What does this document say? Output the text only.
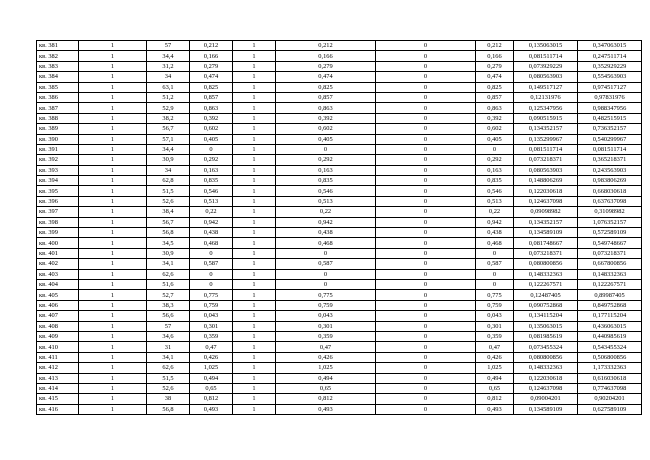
кв. 381	1	57	0,212	1	0,212	0	0,212	0,135063015	0,347063015
кв. 382	1	34,4	0,166	1	0,166	0	0,166	0,081511714	0,247511714
кв. 383	1	31,2	0,279	1	0,279	0	0,279	0,073929229	0,352929229
кв. 384	1	34	0,474	1	0,474	0	0,474	0,080563903	0,554563903
кв. 385	1	63,1	0,825	1	0,825	0	0,825	0,149517127	0,974517127
кв. 386	1	51,2	0,857	1	0,857	0	0,857	0,12131976	0,97831976
кв. 387	1	52,9	0,863	1	0,863	0	0,863	0,125347956	0,988347956
кв. 388	1	38,2	0,392	1	0,392	0	0,392	0,090515915	0,482515915
кв. 389	1	56,7	0,602	1	0,602	0	0,602	0,134352157	0,736352157
кв. 390	1	57,1	0,405	1	0,405	0	0,405	0,135299967	0,540299967
кв. 391	1	34,4	0	1	0	0	0	0,081511714	0,081511714
кв. 392	1	30,9	0,292	1	0,292	0	0,292	0,073218371	0,365218371
кв. 393	1	34	0,163	1	0,163	0	0,163	0,080563903	0,243563903
кв. 394	1	62,8	0,835	1	0,835	0	0,835	0,148806269	0,983806269
кв. 395	1	51,5	0,546	1	0,546	0	0,546	0,122030618	0,668030618
кв. 396	1	52,6	0,513	1	0,513	0	0,513	0,124637098	0,637637098
кв. 397	1	38,4	0,22	1	0,22	0	0,22	0,09098982	0,31098982
кв. 398	1	56,7	0,942	1	0,942	0	0,942	0,134352157	1,076352157
кв. 399	1	56,8	0,438	1	0,438	0	0,438	0,134589109	0,572589109
кв. 400	1	34,5	0,468	1	0,468	0	0,468	0,081748667	0,549748667
кв. 401	1	30,9	0	1	0	0	0	0,073218371	0,073218371
кв. 402	1	34,1	0,587	1	0,587	0	0,587	0,080800856	0,667800856
кв. 403	1	62,6	0	1	0	0	0	0,148332363	0,148332363
кв. 404	1	51,6	0	1	0	0	0	0,122267571	0,122267571
кв. 405	1	52,7	0,775	1	0,775	0	0,775	0,12487405	0,89987405
кв. 406	1	38,3	0,759	1	0,759	0	0,759	0,090752868	0,849752868
кв. 407	1	56,6	0,043	1	0,043	0	0,043	0,134115204	0,177115204
кв. 408	1	57	0,301	1	0,301	0	0,301	0,135063015	0,436063015
кв. 409	1	34,6	0,359	1	0,359	0	0,359	0,081985619	0,440985619
кв. 410	1	31	0,47	1	0,47	0	0,47	0,073455324	0,543455324
кв. 411	1	34,1	0,426	1	0,426	0	0,426	0,080800856	0,506800856
кв. 412	1	62,6	1,025	1	1,025	0	1,025	0,148332363	1,173332363
кв. 413	1	51,5	0,494	1	0,494	0	0,494	0,122030618	0,616030618
кв. 414	1	52,6	0,65	1	0,65	0	0,65	0,124637098	0,774637098
кв. 415	1	38	0,812	1	0,812	0	0,812	0,09004201	0,90204201
кв. 416	1	56,8	0,493	1	0,493	0	0,493	0,134589109	0,627589109
